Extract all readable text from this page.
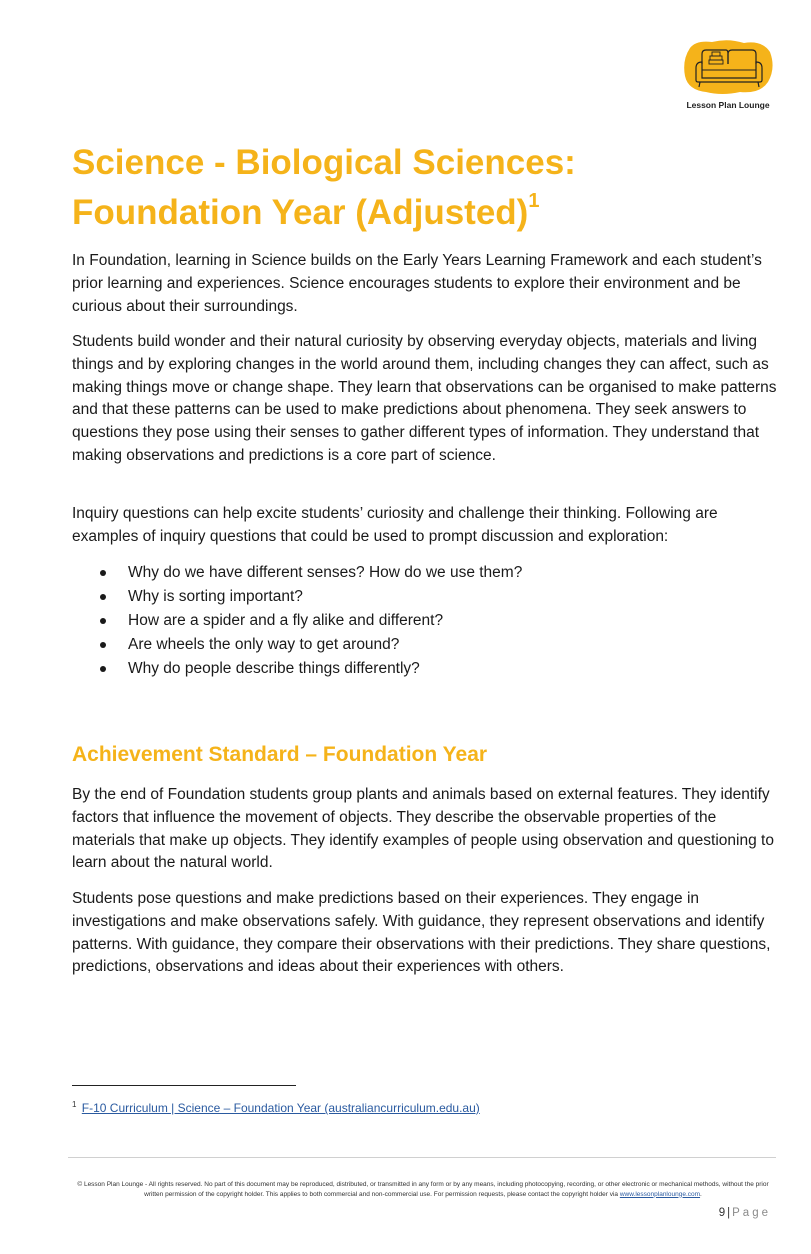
Lesson Plan Lounge
Science - Biological Sciences:
Foundation Year (Adjusted)$^1$

In Foundation, learning in Science builds on the Early Years Learning Framework and each student’s prior learning and experiences. Science encourages students to explore their environment and be curious about their surroundings.

Students build wonder and their natural curiosity by observing everyday objects, materials and living things and by exploring changes in the world around them, including changes they can affect, such as making things move or change shape. They learn that observations can be organised to make patterns and that these patterns can be used to make predictions about phenomena. They seek answers to questions they pose using their senses to gather different types of information. They understand that making observations and predictions is a core part of science.

Inquiry questions can help excite students’ curiosity and challenge their thinking. Following are examples of inquiry questions that could be used to prompt discussion and exploration:

Why do we have different senses? How do we use them?
Why is sorting important?
How are a spider and a fly alike and different?
Are wheels the only way to get around?
Why do people describe things differently?
Achievement Standard – Foundation Year

By the end of Foundation students group plants and animals based on external features. They identify factors that influence the movement of objects. They describe the observable properties of the materials that make up objects. They identify examples of people using observation and questioning to learn about the natural world.

Students pose questions and make predictions based on their experiences. They engage in investigations and make observations safely. With guidance, they represent observations and identify patterns. With guidance, they compare their observations with their predictions. They share questions, predictions, observations and ideas about their experiences with others.

$^1$ F-10 Curriculum | Science – Foundation Year (australiancurriculum.edu.au)

© Lesson Plan Lounge - All rights reserved. No part of this document may be reproduced, distributed, or transmitted in any form or by any means, including photocopying, recording, or other electronic or mechanical methods, without the prior written permission of the copyright holder. This applies to both commercial and non-commercial use. For permission requests, please contact the copyright holder via www.lessonplanlounge.com.

9 | Page
